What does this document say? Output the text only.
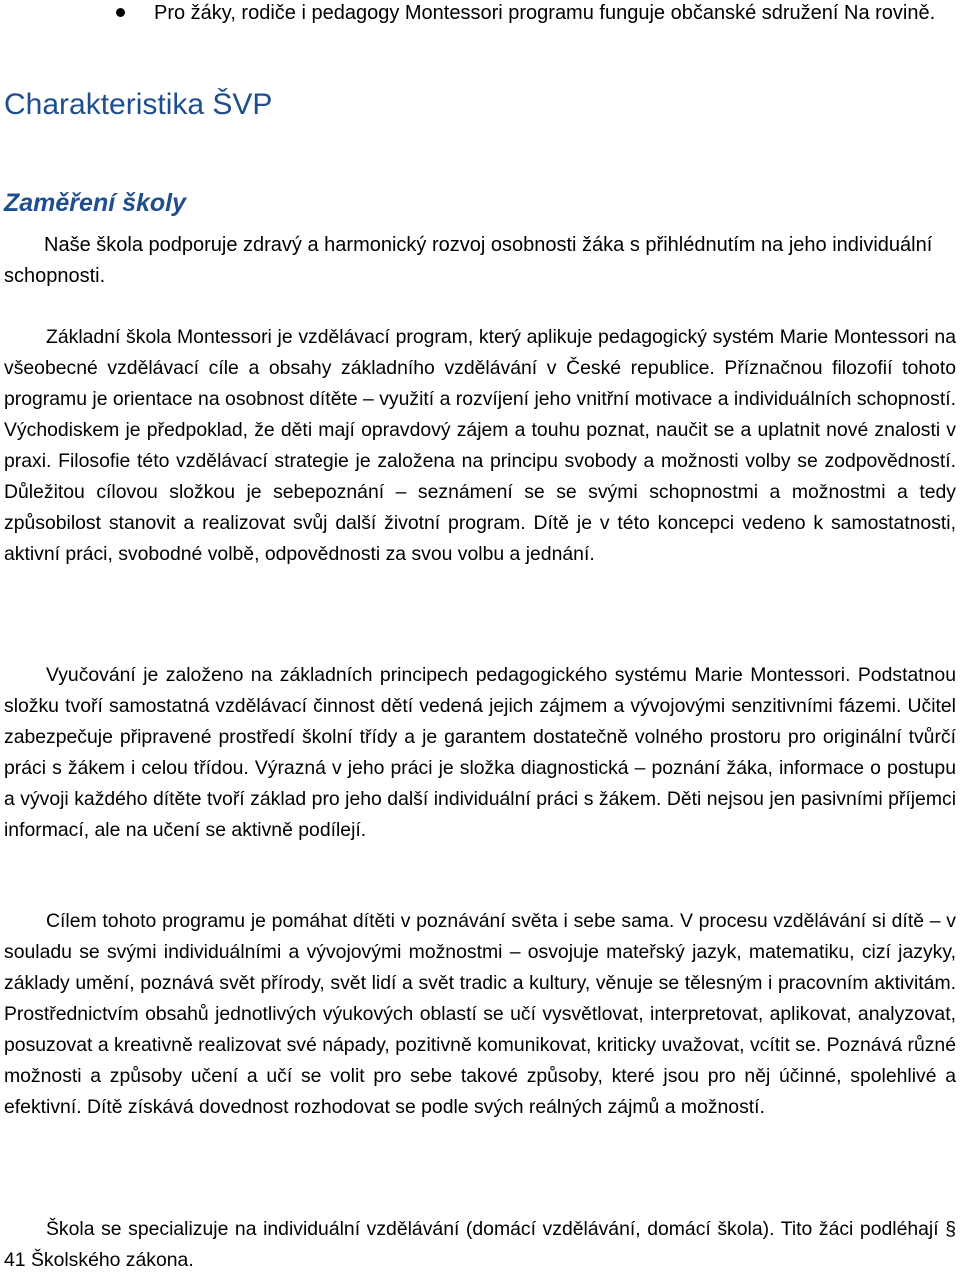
Pro žáky, rodiče i pedagogy Montessori programu funguje občanské sdružení Na rovině.
Charakteristika ŠVP
Zaměření školy

Naše škola podporuje zdravý a harmonický rozvoj osobnosti žáka s přihlédnutím na jeho individuální schopnosti.

Základní škola Montessori je vzdělávací program, který aplikuje pedagogický systém Marie Montessori na všeobecné vzdělávací cíle a obsahy základního vzdělávání v České republice. Příznačnou filozofií tohoto programu je orientace na osobnost dítěte – využití a rozvíjení jeho vnitřní motivace a individuálních schopností. Východiskem je předpoklad, že děti mají opravdový zájem a touhu poznat, naučit se a uplatnit nové znalosti v praxi. Filosofie této vzdělávací strategie je založena na principu svobody a možnosti volby se zodpovědností. Důležitou cílovou složkou je sebepoznání – seznámení se se svými schopnostmi a možnostmi a tedy způsobilost stanovit a realizovat svůj další životní program. Dítě je v této koncepci vedeno k samostatnosti, aktivní práci, svobodné volbě, odpovědnosti za svou volbu a jednání.

Vyučování je založeno na základních principech pedagogického systému Marie Montessori. Podstatnou složku tvoří samostatná vzdělávací činnost dětí vedená jejich zájmem a vývojovými senzitivními fázemi. Učitel zabezpečuje připravené prostředí školní třídy a je garantem dostatečně volného prostoru pro originální tvůrčí práci s žákem i celou třídou. Výrazná v jeho práci je složka diagnostická – poznání žáka, informace o postupu a vývoji každého dítěte tvoří základ pro jeho další individuální práci s žákem. Děti nejsou jen pasivními příjemci informací, ale na učení se aktivně podílejí.

Cílem tohoto programu je pomáhat dítěti v poznávání světa i sebe sama. V procesu vzdělávání si dítě – v souladu se svými individuálními a vývojovými možnostmi – osvojuje mateřský jazyk, matematiku, cizí jazyky, základy umění, poznává svět přírody, svět lidí a svět tradic a kultury, věnuje se tělesným i pracovním aktivitám. Prostřednictvím obsahů jednotlivých výukových oblastí se učí vysvětlovat, interpretovat, aplikovat, analyzovat, posuzovat a kreativně realizovat své nápady, pozitivně komunikovat, kriticky uvažovat, vcítit se. Poznává různé možnosti a způsoby učení a učí se volit pro sebe takové způsoby, které jsou pro něj účinné, spolehlivé a efektivní. Dítě získává dovednost rozhodovat se podle svých reálných zájmů a možností.

Škola se specializuje na individuální vzdělávání (domácí vzdělávání, domácí škola). Tito žáci podléhají § 41 Školského zákona.
